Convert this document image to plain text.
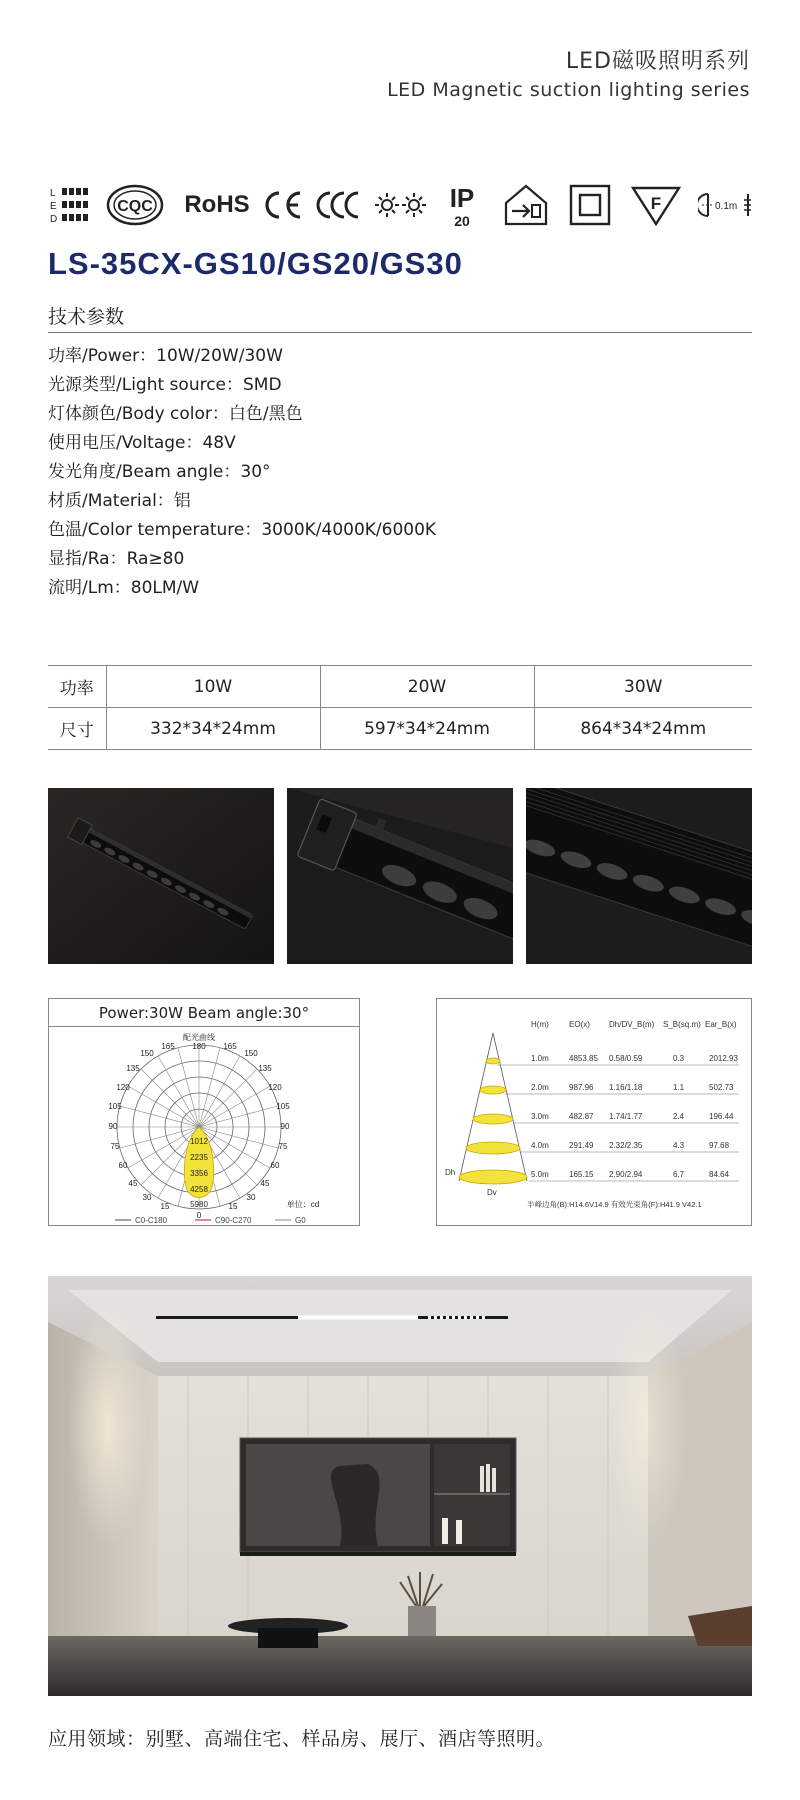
LED磁吸照明系列
LED Magnetic suction lighting series
L
E
D
CQC RoHS	IP
20
F	0.1m
LS-35CX-GS10/GS20/GS30
技术参数
功率/Power：10W/20W/30W
光源类型/Light source：SMD
灯体颜色/Body color：白色/黑色
使用电压/Voltage：48V
发光角度/Beam angle：30°
材质/Material：铝
色温/Color temperature：3000K/4000K/6000K
显指/Ra：Ra≥80
流明/Lm：80LM/W
功率	10W	20W	30W
尺寸	332*34*24mm	597*34*24mm	864*34*24mm
Power:30W Beam angle:30°
配光曲线
165 180 165
150
135
120
105
90
75
60
45
30
15
150
135
120
105
90
75
60
45
30
15
0
1012
2235
3356
4258
5980	单位：cd
C0-C180	C90-C270	G0
H(m)	EO(x) Dh/DV_B(m) S_B(sq.m) Ear_B(x)
1.0m	4853.85 0.58/0.59	0.3	2012.93
2.0m	987.96 1.16/1.18	1.1	502.73
3.0m	482.87 1.74/1.77	2.4	196.44
4.0m	291.49 2.32/2.35	4.3	97.68
5.0m	165.15 2.90/2.94	6.7	84.64
Dh
Dv
半峰边角(B):H14.6V14.9 有效光束角(F):H41.9 V42.1
应用领域：别墅、高端住宅、样品房、展厅、酒店等照明。
